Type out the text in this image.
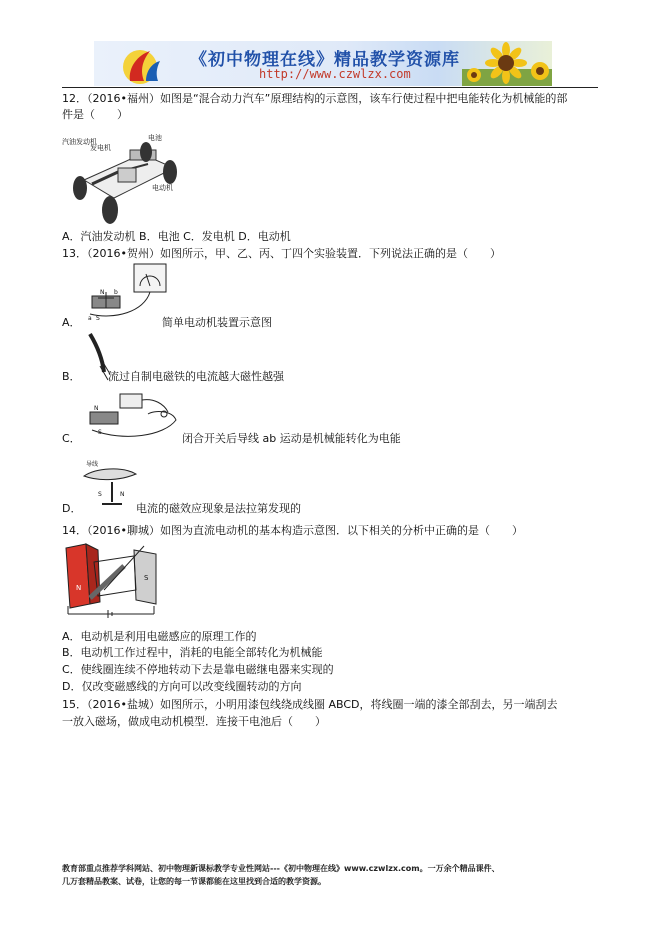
《初中物理在线》精品教学资源库
http://www.czwlzx.com
12．（2016•福州）如图是“混合动力汽车”原理结构的示意图，该车行使过程中把电能转化为机械能的部
件是（　　）
汽油发动机
发电机
电池
电动机
A．汽油发动机 B．电池 C．发电机 D．电动机
13．（2016•贺州）如图所示，甲、乙、丙、丁四个实验装置．下列说法正确的是（　　）
N b
a S
A．	简单电动机装置示意图
B． 流过自制电磁铁的电流越大磁性越强
N
S
C．	闭合开关后导线 ab 运动是机械能转化为电能
导线
S	N
D．	电流的磁效应现象是法拉第发现的
14．（2016•聊城）如图为直流电动机的基本构造示意图．以下相关的分析中正确的是（　　）
N
S
A．电动机是利用电磁感应的原理工作的
B．电动机工作过程中，消耗的电能全部转化为机械能
C．使线圈连续不停地转动下去是靠电磁继电器来实现的
D．仅改变磁感线的方向可以改变线圈转动的方向
15．（2016•盐城）如图所示，小明用漆包线绕成线圈 ABCD，将线圈一端的漆全部刮去，另一端刮去
一放入磁场，做成电动机模型．连接干电池后（　　）
教育部重点推荐学科网站、初中物理新课标教学专业性网站---《初中物理在线》www.czwlzx.com。一万余个精品课件、
几万套精品教案、试卷，让您的每一节课都能在这里找到合适的教学资源。
